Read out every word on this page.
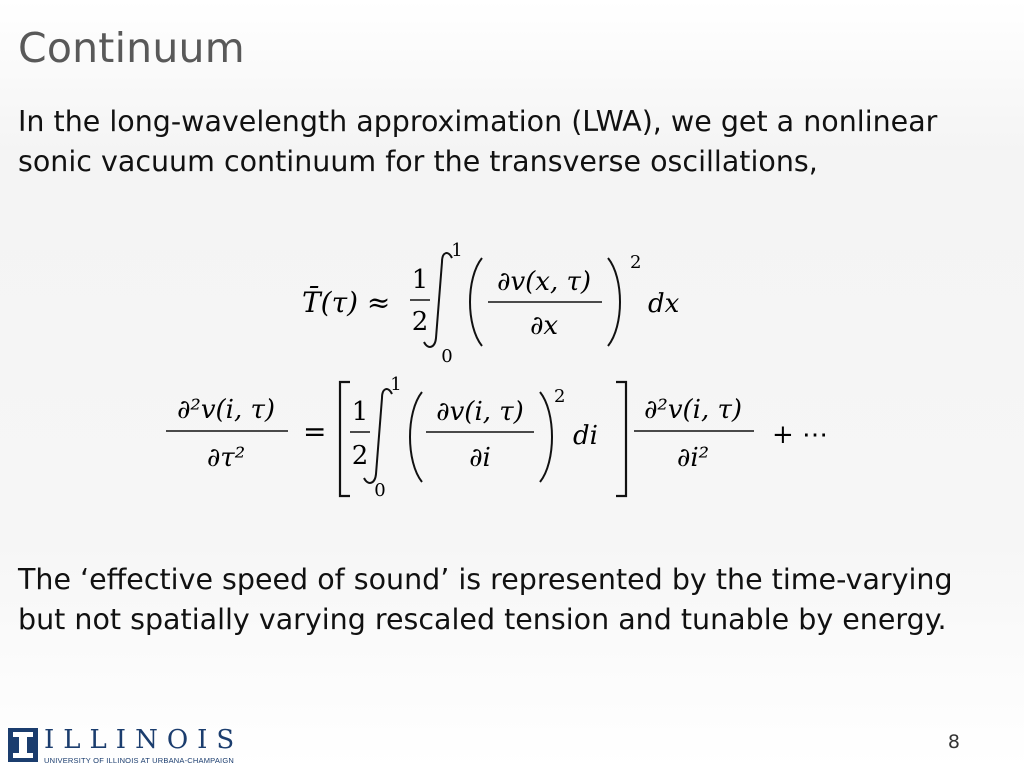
Continuum
In the long-wavelength approximation (LWA), we get a nonlinear sonic vacuum continuum for the transverse oscillations,
T̄(τ) ≈
1
2
1
0
∂v(x, τ)
∂x
2
dx
∂²v(i, τ)
∂τ²
=
1
2
1
0
∂v(i, τ)
∂i
2
di
∂²v(i, τ)
∂i²
+ ⋯
The ‘effective speed of sound’ is represented by the time-varying but not spatially varying rescaled tension and tunable by energy.
ILLINOIS
UNIVERSITY OF ILLINOIS AT URBANA-CHAMPAIGN
8
